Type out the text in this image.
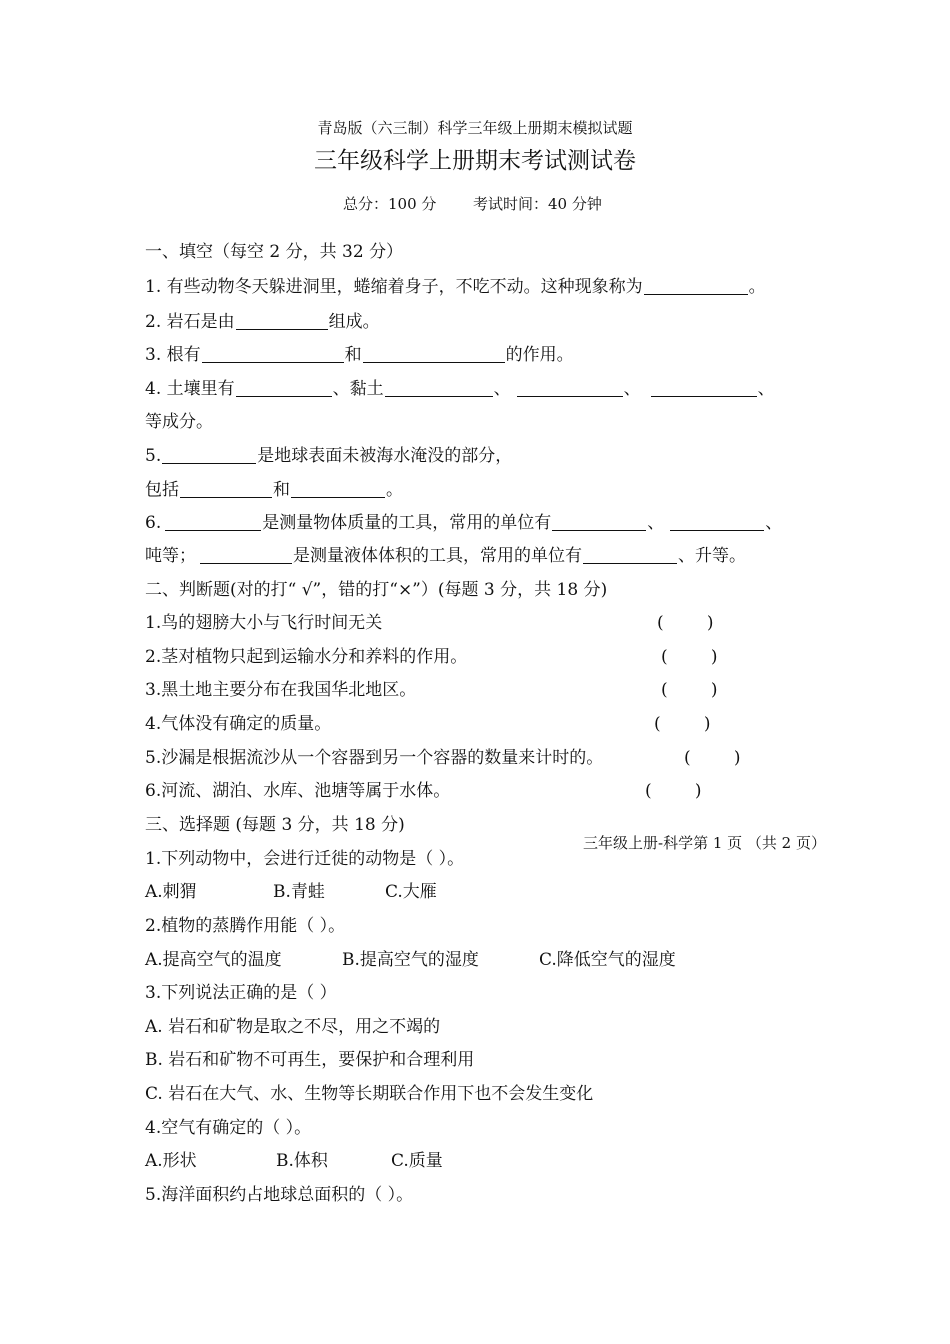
青岛版（六三制）科学三年级上册期末模拟试题
三年级科学上册期末考试测试卷
总分：100 分 考试时间：40 分钟
一、填空（每空 2 分，共 32 分）
1. 有些动物冬天躲进洞里，蜷缩着身子，不吃不动。这种现象称为	。
2. 岩石是由	组成。
3. 根有	和	的作用。
4. 土壤里有	、黏土	、	、	、
等成分。
5.	是地球表面未被海水淹没的部分，
包括	和	。
6.	是测量物体质量的工具，常用的单位有	、	、
吨等；	是测量液体体积的工具，常用的单位有	、升等。
二、判断题(对的打“ √”，错的打“×”）(每题 3 分，共 18 分)
1.鸟的翅膀大小与飞行时间无关	(        )
2.茎对植物只起到运输水分和养料的作用。	(        )
3.黑土地主要分布在我国华北地区。	(        )
4.气体没有确定的质量。	(        )
5.沙漏是根据流沙从一个容器到另一个容器的数量来计时的。	(        )
6.河流、湖泊、水库、池塘等属于水体。	(        )
三、选择题 (每题 3 分，共 18 分)
三年级上册-科学第 1 页 （共 2 页）
1.下列动物中，会进行迁徙的动物是（ ）。
A.刺猬	B.青蛙	C.大雁
2.植物的蒸腾作用能（ ）。
A.提高空气的温度	B.提高空气的湿度	C.降低空气的湿度
3.下列说法正确的是（ ）
A. 岩石和矿物是取之不尽，用之不竭的
B. 岩石和矿物不可再生，要保护和合理利用
C. 岩石在大气、水、生物等长期联合作用下也不会发生变化
4.空气有确定的（ ）。
A.形状	B.体积	C.质量
5.海洋面积约占地球总面积的（ ）。
